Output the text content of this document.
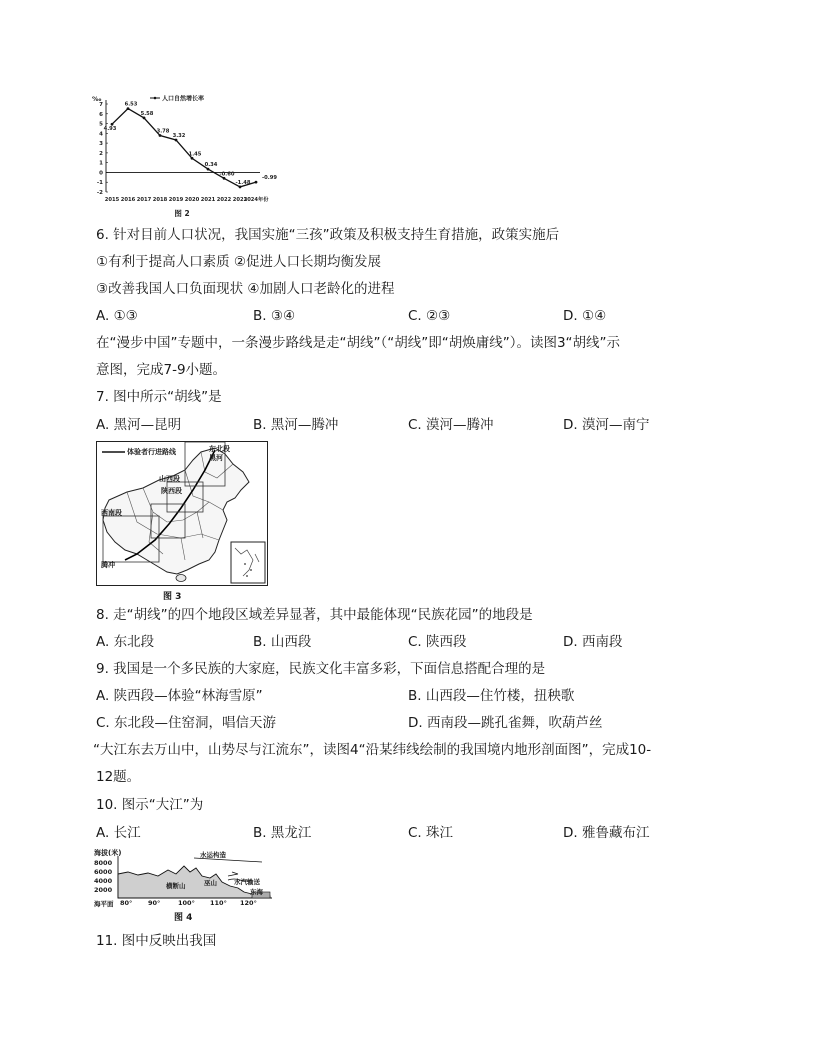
‰
7
6
5
4
3
2
1
0
-1
-2
2015 2016 2017 2018 2019 2020 2021 2022 2023
2024年份
4.93
6.53
5.58
3.78
3.32
1.45
0.34
-0.60
-1.48
-0.99
人口自然增长率
图 2
6. 针对目前人口状况，我国实施“三孩”政策及积极支持生育措施，政策实施后
①有利于提高人口素质 ②促进人口长期均衡发展
③改善我国人口负面现状 ④加剧人口老龄化的进程
A. ①③	B. ③④	C. ②③	D. ①④
在“漫步中国”专题中，一条漫步路线是走“胡线”（“胡线”即“胡焕庸线”）。读图3“胡线”示
意图，完成7-9小题。
7. 图中所示“胡线”是
A. 黑河—昆明	B. 黑河—腾冲	C. 漠河—腾冲	D. 漠河—南宁
体验者行进路线	东北段
黑河
山西段
陕西段
西南段
腾冲
图 3
8. 走“胡线”的四个地段区域差异显著，其中最能体现“民族花园”的地段是
A. 东北段	B. 山西段	C. 陕西段	D. 西南段
9. 我国是一个多民族的大家庭，民族文化丰富多彩，下面信息搭配合理的是
A. 陕西段—体验“林海雪原”	B. 山西段—住竹楼，扭秧歌
C. 东北段—住窑洞，唱信天游	D. 西南段—跳孔雀舞，吹葫芦丝
“大江东去万山中，山势尽与江流东”，读图4“沿某纬线绘制的我国境内地形剖面图”，完成10-
12题。
10. 图示“大江”为
A. 长江	B. 黑龙江	C. 珠江	D. 雅鲁藏布江
海拔(米)
8000
6000
4000
2000
海平面 80° 90°	100° 110° 120°
水运构造
横断山	巫山	水汽输送
东海
图 4
11. 图中反映出我国
